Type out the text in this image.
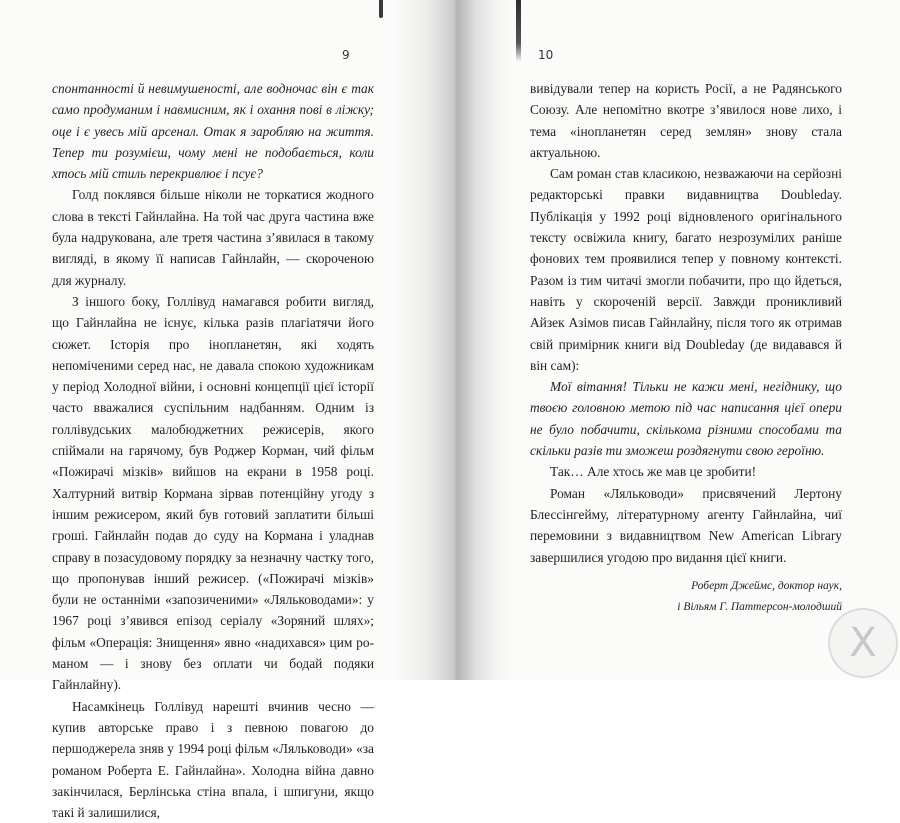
9	10

спонтанності й невимушеності, але водночас він є так само продуманим і навмисним, як і охання пові в ліжку; оце і є увесь мій арсенал. Отак я заробляю на життя. Тепер ти розумієш, чому мені не подобається, коли хтось мій стиль перекривлює і псує?

Голд поклявся більше ніколи не торкатися жодного слова в тексті Гайнлайна. На той час друга частина вже була надрукована, але третя частина з’явилася в такому вигляді, в якому її написав Гайнлайн, — скороченою для журналу.

З іншого боку, Голлівуд намагався робити вигляд, що Гайнлайна не існує, кілька разів плагіатячи його сюжет. Історія про інопланетян, які ходять непоміченими серед нас, не давала спокою художникам у період Холодної війни, і основні концепції цієї історії часто вважалися суспільним надбанням. Одним із голлівудських малобюджетних режисерів, якого спіймали на гарячому, був Роджер Корман, чий фільм «Пожирачі мізків» вийшов на екрани в 1958 році. Халтурний витвір Кормана зірвав потенційну угоду з іншим режисером, який був готовий заплатити більші гроші. Гайнлайн подав до суду на Кормана і уладнав справу в позасудовому порядку за незначну частку того, що пропонував інший режисер. («Пожирачі мізків» були не останніми «запозиченими» «Ляльководами»: у 1967 році з’явився епізод серіалу «Зоряний шлях»; фільм «Операція: Знищення» явно «надихався» цим романом — і знову без оплати чи бодай подяки Гайнлайну).

Насамкінець Голлівуд нарешті вчинив чесно — купив авторське право і з певною повагою до першоджерела зняв у 1994 році фільм «Ляльководи» «за романом Роберта Е. Гайнлайна». Холодна війна давно закінчилася, Берлінська стіна впала, і шпигуни, якщо такі й залишилися,

вивідували тепер на користь Росії, а не Радянського Союзу. Але непомітно вкотре з’явилося нове лихо, і тема «інопланетян серед землян» знову стала актуальною.

Сам роман став класикою, незважаючи на серйозні редакторські правки видавництва Doubleday. Публікація у 1992 році відновленого оригінального тексту освіжила книгу, багато незрозумілих раніше фонових тем проявилися тепер у повному контексті. Разом із тим читачі змогли побачити, про що йдеться, навіть у скороченій версії. Завжди проникливий Айзек Азімов писав Гайнлайну, після того як отримав свій примірник книги від Doubleday (де видавався й він сам):

Мої вітання! Тільки не кажи мені, негіднику, що твоєю головною метою під час написання цієї опери не було побачити, скількома різними способами та скільки разів ти зможеш роздягнути свою героїню.

Так… Але хтось же мав це зробити!

Роман «Ляльководи» присвячений Лертону Блессінгейму, літературному агенту Гайнлайна, чиї перемовини з видавництвом New American Library завершилися угодою про видання цієї книги.

Роберт Джеймс, доктор наук,
і Вільям Г. Паттерсон-молодший
Х
